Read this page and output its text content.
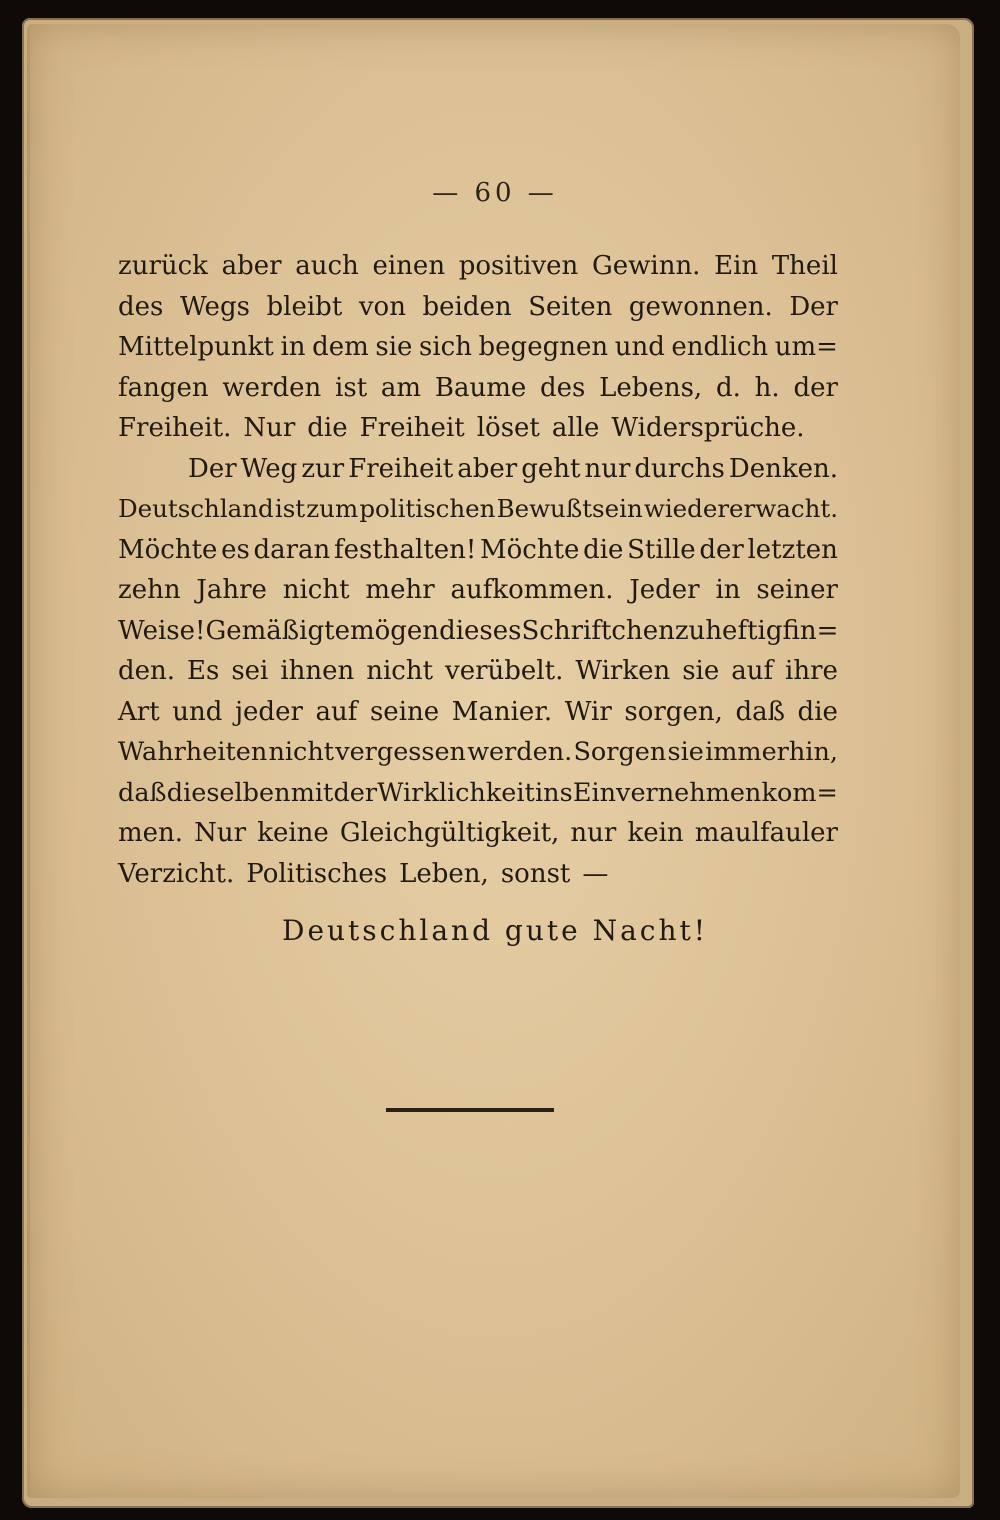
— 60 —
zurück aber auch einen positiven Gewinn. Ein Theil
des Wegs bleibt von beiden Seiten gewonnen. Der
Mittelpunkt in dem sie sich begegnen und endlich um=
fangen werden ist am Baume des Lebens, d. h. der
Freiheit. Nur die Freiheit löset alle Widersprüche.
Der Weg zur Freiheit aber geht nur durchs Denken.
Deutschland ist zum politischen Bewußtsein wiedererwacht.
Möchte es daran festhalten! Möchte die Stille der letzten
zehn Jahre nicht mehr aufkommen. Jeder in seiner
Weise! Gemäßigte mögen dieses Schriftchen zu heftig fin=
den. Es sei ihnen nicht verübelt. Wirken sie auf ihre
Art und jeder auf seine Manier. Wir sorgen, daß die
Wahrheiten nicht vergessen werden. Sorgen sie immerhin,
daß dieselben mit der Wirklichkeit ins Einvernehmen kom=
men. Nur keine Gleichgültigkeit, nur kein maulfauler
Verzicht. Politisches Leben, sonst —
Deutschland gute Nacht!
